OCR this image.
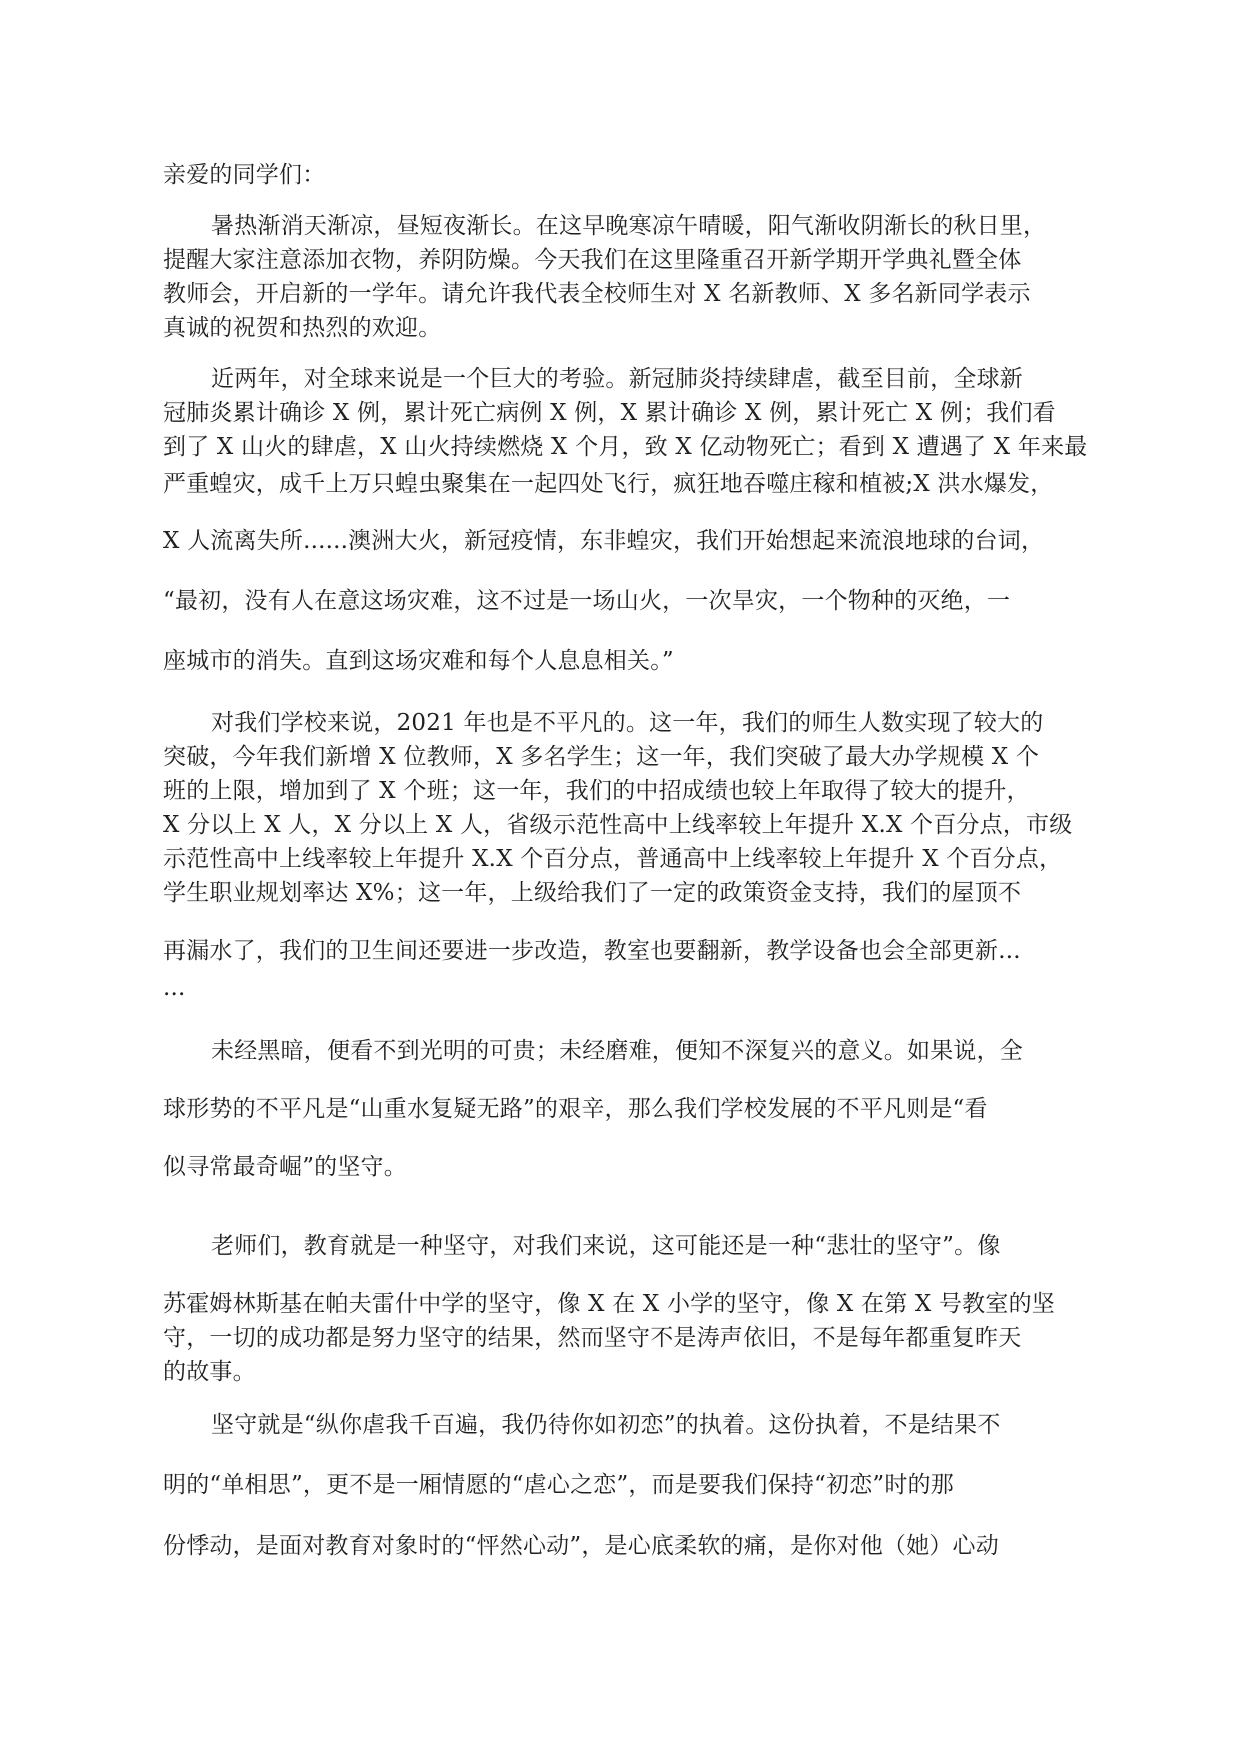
亲爱的同学们：
暑热渐消天渐凉，昼短夜渐长。在这早晚寒凉午晴暖，阳气渐收阴渐长的秋日里，
提醒大家注意添加衣物，养阴防燥。今天我们在这里隆重召开新学期开学典礼暨全体
教师会，开启新的一学年。请允许我代表全校师生对 X 名新教师、X 多名新同学表示
真诚的祝贺和热烈的欢迎。
近两年，对全球来说是一个巨大的考验。新冠肺炎持续肆虐，截至目前，全球新
冠肺炎累计确诊 X 例，累计死亡病例 X 例，X 累计确诊 X 例，累计死亡 X 例；我们看
到了 X 山火的肆虐，X 山火持续燃烧 X 个月，致 X 亿动物死亡；看到 X 遭遇了 X 年来最
严重蝗灾，成千上万只蝗虫聚集在一起四处飞行，疯狂地吞噬庄稼和植被;X 洪水爆发，
X 人流离失所......澳洲大火，新冠疫情，东非蝗灾，我们开始想起来流浪地球的台词，
“最初，没有人在意这场灾难，这不过是一场山火，一次旱灾，一个物种的灭绝，一
座城市的消失。直到这场灾难和每个人息息相关。”
对我们学校来说，2021 年也是不平凡的。这一年，我们的师生人数实现了较大的
突破，今年我们新增 X 位教师，X 多名学生；这一年，我们突破了最大办学规模 X 个
班的上限，增加到了 X 个班；这一年，我们的中招成绩也较上年取得了较大的提升，
X 分以上 X 人，X 分以上 X 人，省级示范性高中上线率较上年提升 X.X 个百分点，市级
示范性高中上线率较上年提升 X.X 个百分点，普通高中上线率较上年提升 X 个百分点，
学生职业规划率达 X%；这一年，上级给我们了一定的政策资金支持，我们的屋顶不
再漏水了，我们的卫生间还要进一步改造，教室也要翻新，教学设备也会全部更新...
...
未经黑暗，便看不到光明的可贵；未经磨难，便知不深复兴的意义。如果说，全
球形势的不平凡是“山重水复疑无路”的艰辛，那么我们学校发展的不平凡则是“看
似寻常最奇崛”的坚守。
老师们，教育就是一种坚守，对我们来说，这可能还是一种“悲壮的坚守”。像
苏霍姆林斯基在帕夫雷什中学的坚守，像 X 在 X 小学的坚守，像 X 在第 X 号教室的坚
守，一切的成功都是努力坚守的结果，然而坚守不是涛声依旧，不是每年都重复昨天
的故事。
坚守就是“纵你虐我千百遍，我仍待你如初恋”的执着。这份执着，不是结果不
明的“单相思”，更不是一厢情愿的“虐心之恋”，而是要我们保持“初恋”时的那
份悸动，是面对教育对象时的“怦然心动”，是心底柔软的痛，是你对他（她）心动
